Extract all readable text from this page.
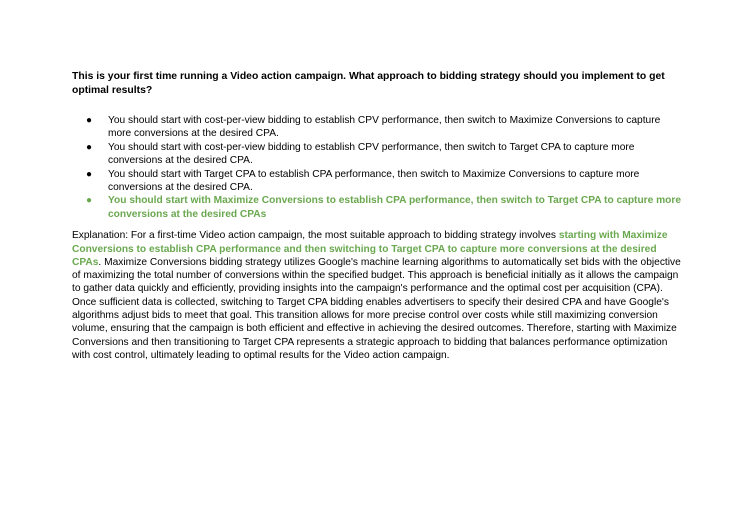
This is your first time running a Video action campaign. What approach to bidding strategy should you implement to get optimal results?

● You should start with cost-per-view bidding to establish CPV performance, then switch to Maximize Conversions to capture more conversions at the desired CPA.
● You should start with cost-per-view bidding to establish CPV performance, then switch to Target CPA to capture more conversions at the desired CPA.
● You should start with Target CPA to establish CPA performance, then switch to Maximize Conversions to capture more conversions at the desired CPA.
● You should start with Maximize Conversions to establish CPA performance, then switch to Target CPA to capture more conversions at the desired CPAs

Explanation: For a first-time Video action campaign, the most suitable approach to bidding strategy involves starting with Maximize Conversions to establish CPA performance and then switching to Target CPA to capture more conversions at the desired CPAs. Maximize Conversions bidding strategy utilizes Google's machine learning algorithms to automatically set bids with the objective of maximizing the total number of conversions within the specified budget. This approach is beneficial initially as it allows the campaign to gather data quickly and efficiently, providing insights into the campaign's performance and the optimal cost per acquisition (CPA). Once sufficient data is collected, switching to Target CPA bidding enables advertisers to specify their desired CPA and have Google's algorithms adjust bids to meet that goal. This transition allows for more precise control over costs while still maximizing conversion volume, ensuring that the campaign is both efficient and effective in achieving the desired outcomes. Therefore, starting with Maximize Conversions and then transitioning to Target CPA represents a strategic approach to bidding that balances performance optimization with cost control, ultimately leading to optimal results for the Video action campaign.
